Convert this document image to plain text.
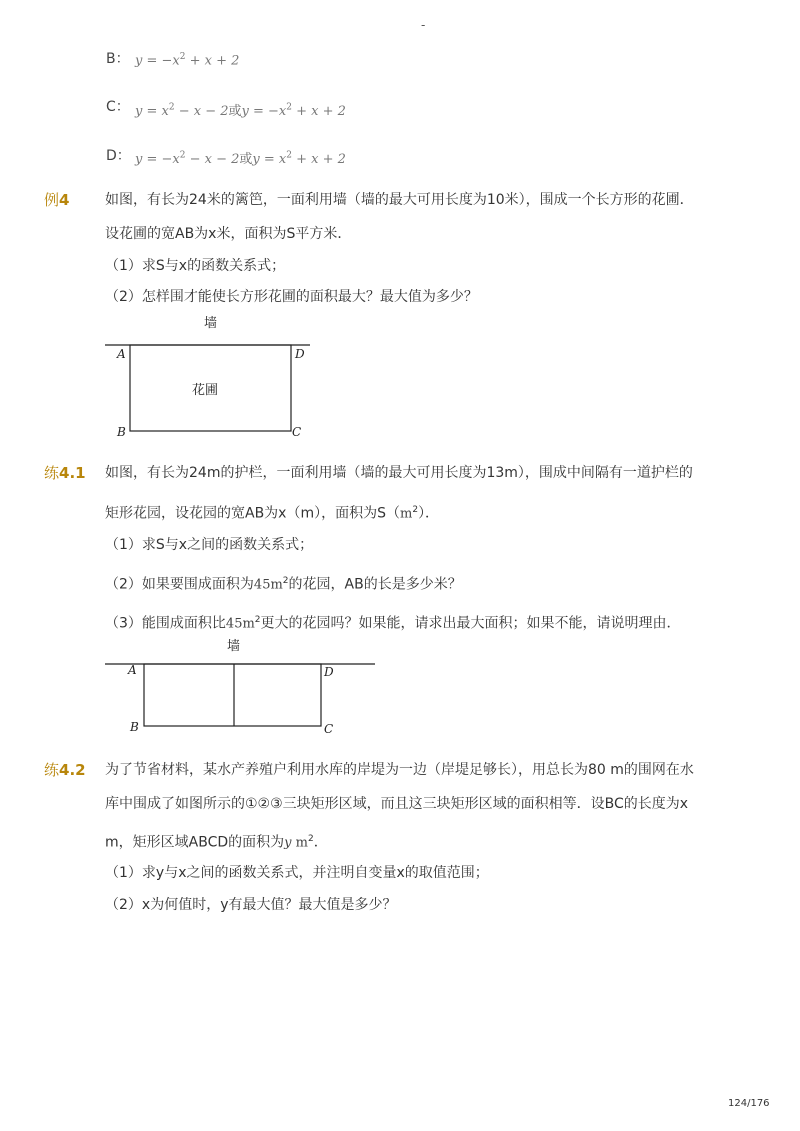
-
B： $y = -x^2 + x + 2$
C： $y = x^2 - x - 2$或$y = -x^2 + x + 2$
D： $y = -x^2 - x - 2$或$y = x^2 + x + 2$
例4	如图，有长为24米的篱笆，一面利用墙（墙的最大可用长度为10米），围成一个长方形的花圃．
设花圃的宽AB为x米，面积为S平方米．
（1）求S与x的函数关系式；
（2）怎样围才能使长方形花圃的面积最大？最大值为多少？
墙
A	D
花圃
B	C
练4.1 如图，有长为24m的护栏，一面利用墙（墙的最大可用长度为13m），围成中间隔有一道护栏的
矩形花园，设花园的宽AB为x（m），面积为$S(m^2)$．
（1）求S与x之间的函数关系式；
（2）如果要围成面积为$45m^2$的花园，AB的长是多少米？
（3）能围成面积比$45m^2$更大的花园吗？如果能，请求出最大面积；如果不能，请说明理由．
墙
A	D
B	C
练4.2 为了节省材料，某水产养殖户利用水库的岸堤为一边（岸堤足够长），用总长为80 m的围网在水
库中围成了如图所示的①②③三块矩形区域，而且这三块矩形区域的面积相等．设BC的长度为x
m，矩形区域ABCD的面积为y $m^2$．
（1）求y与x之间的函数关系式，并注明自变量x的取值范围；
（2）x为何值时，y有最大值？最大值是多少？
124/176
